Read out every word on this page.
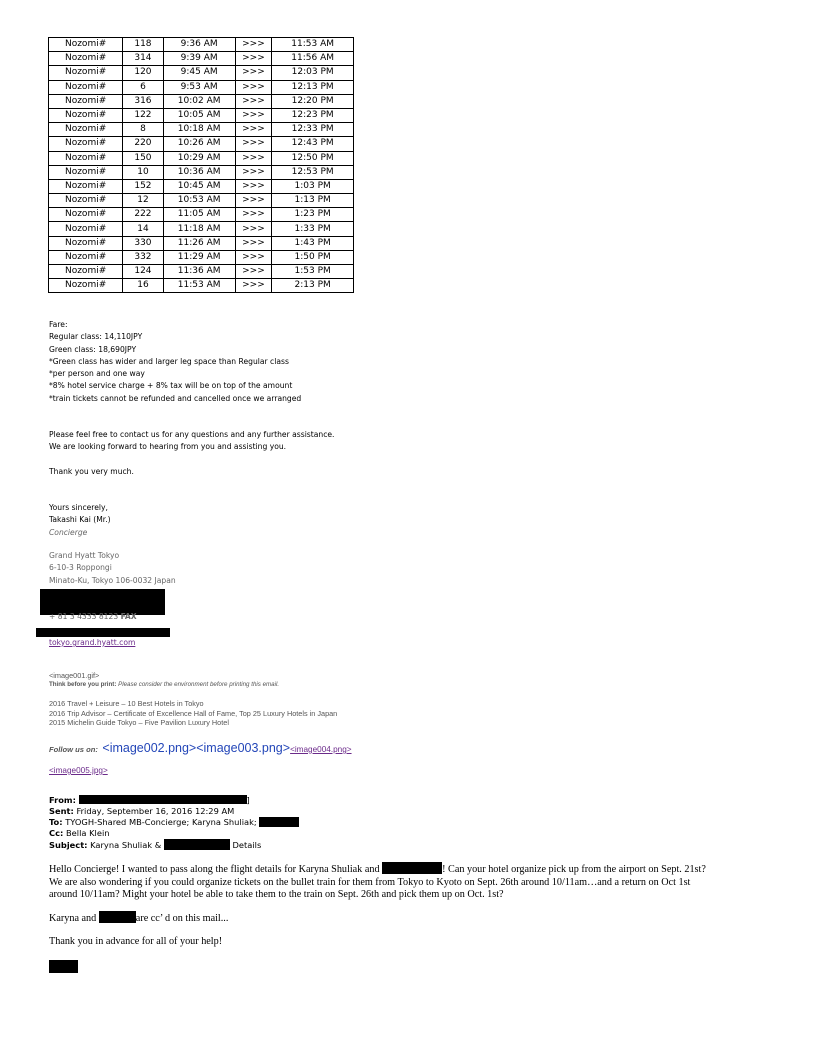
Nozomi#	118	9:36 AM	>>>	11:53 AM
Nozomi#	314	9:39 AM	>>>	11:56 AM
Nozomi#	120	9:45 AM	>>>	12:03 PM
Nozomi#	6	9:53 AM	>>>	12:13 PM
Nozomi#	316	10:02 AM	>>>	12:20 PM
Nozomi#	122	10:05 AM	>>>	12:23 PM
Nozomi#	8	10:18 AM	>>>	12:33 PM
Nozomi#	220	10:26 AM	>>>	12:43 PM
Nozomi#	150	10:29 AM	>>>	12:50 PM
Nozomi#	10	10:36 AM	>>>	12:53 PM
Nozomi#	152	10:45 AM	>>>	1:03 PM
Nozomi#	12	10:53 AM	>>>	1:13 PM
Nozomi#	222	11:05 AM	>>>	1:23 PM
Nozomi#	14	11:18 AM	>>>	1:33 PM
Nozomi#	330	11:26 AM	>>>	1:43 PM
Nozomi#	332	11:29 AM	>>>	1:50 PM
Nozomi#	124	11:36 AM	>>>	1:53 PM
Nozomi#	16	11:53 AM	>>>	2:13 PM
Fare:
Regular class: 14,110JPY
Green class: 18,690JPY
*Green class has wider and larger leg space than Regular class
*per person and one way
*8% hotel service charge + 8% tax will be on top of the amount
*train tickets cannot be refunded and cancelled once we arranged
Please feel free to contact us for any questions and any further assistance.
We are looking forward to hearing from you and assisting you.
Thank you very much.
Yours sincerely,
Takashi Kai (Mr.)
Concierge
Grand Hyatt Tokyo
6-10-3 Roppongi
Minato-Ku, Tokyo 106-0032 Japan
+ 81 3 4333 8123 FAX
tokyo.grand.hyatt.com
<image001.gif>
Think before you print: Please consider the environment before printing this email.
2016 Travel + Leisure – 10 Best Hotels in Tokyo
2016 Trip Advisor – Certificate of Excellence Hall of Fame, Top 25 Luxury Hotels in Japan
2015 Michelin Guide Tokyo – Five Pavilion Luxury Hotel
Follow us on: <image002.png><image003.png><image004.png>
<image005.jpg>
From:	]
Sent: Friday, September 16, 2016 12:29 AM
To: TYOGH-Shared MB-Concierge; Karyna Shuliak;
Cc: Bella Klein
Subject: Karyna Shuliak &	Details
Hello Concierge! I wanted to pass along the flight details for Karyna Shuliak and	! Can your hotel organize pick up from the airport on Sept. 21st?
We are also wondering if you could organize tickets on the bullet train for them from Tokyo to Kyoto on Sept. 26th around 10/11am…and a return on Oct 1st
around 10/11am? Might your hotel be able to take them to the train on Sept. 26th and pick them up on Oct. 1st?
Karyna and	are cc’ d on this mail...
Thank you in advance for all of your help!
